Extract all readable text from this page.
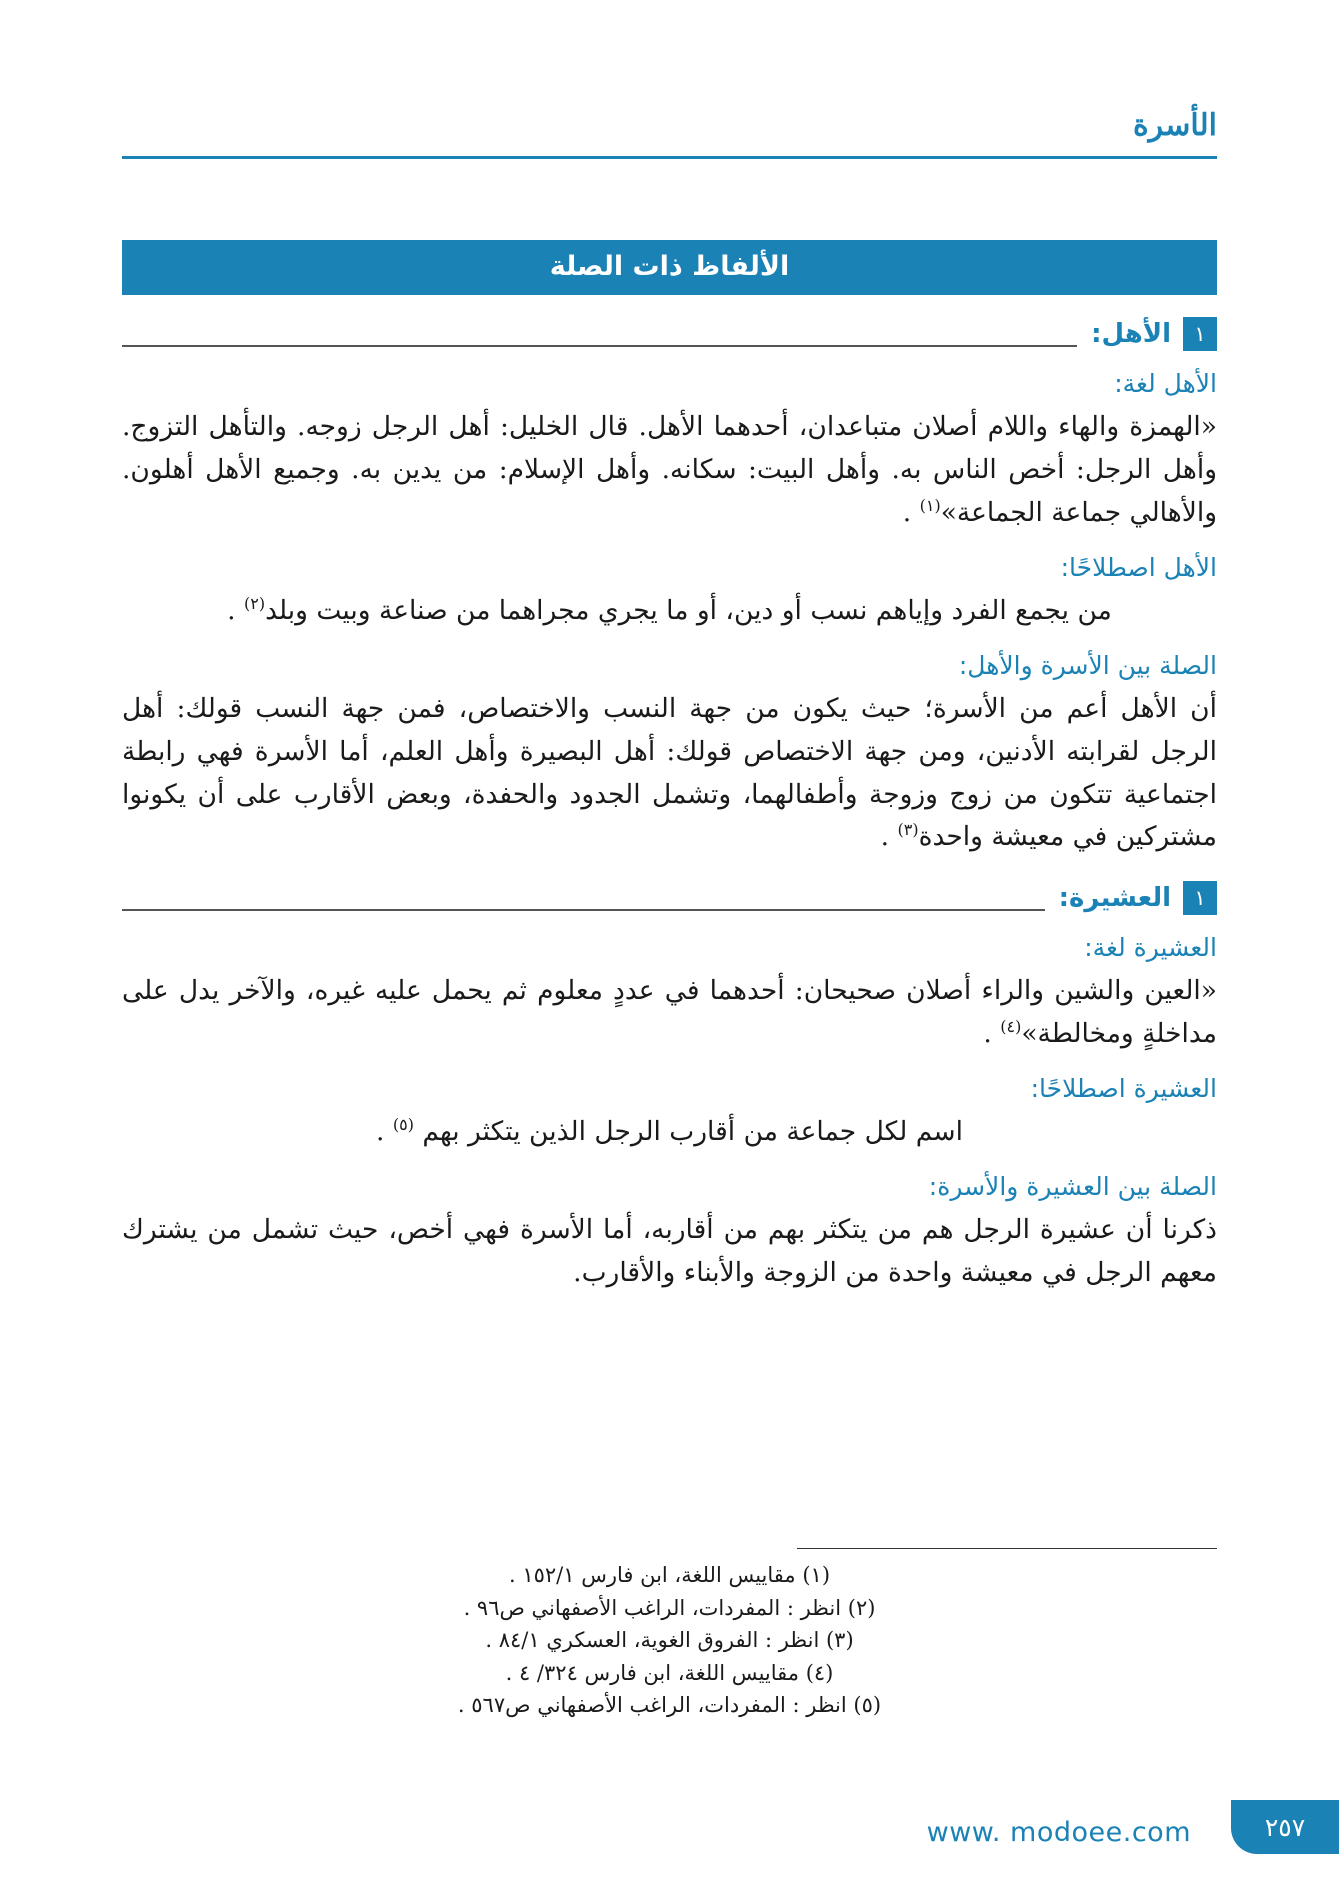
الأسرة
الألفاظ ذات الصلة
١
الأهل:
الأهل لغة:

«الهمزة والهاء واللام أصلان متباعدان، أحدهما الأهل. قال الخليل: أهل الرجل زوجه. والتأهل التزوج. وأهل الرجل: أخص الناس به. وأهل البيت: سكانه. وأهل الإسلام: من يدين به. وجميع الأهل أهلون. والأهالي جماعة الجماعة»$^{(١)}$ .

الأهل اصطلاحًا:

من يجمع الفرد وإياهم نسب أو دين، أو ما يجري مجراهما من صناعة وبيت وبلد$^{(٢)}$ .

الصلة بين الأسرة والأهل:

أن الأهل أعم من الأسرة؛ حيث يكون من جهة النسب والاختصاص، فمن جهة النسب قولك: أهل الرجل لقرابته الأدنين، ومن جهة الاختصاص قولك: أهل البصيرة وأهل العلم، أما الأسرة فهي رابطة اجتماعية تتكون من زوج وزوجة وأطفالهما، وتشمل الجدود والحفدة، وبعض الأقارب على أن يكونوا مشتركين في معيشة واحدة$^{(٣)}$ .

١
العشيرة:
العشيرة لغة:

«العين والشين والراء أصلان صحيحان: أحدهما في عددٍ معلوم ثم يحمل عليه غيره، والآخر يدل على مداخلةٍ ومخالطة»$^{(٤)}$ .

العشيرة اصطلاحًا:

اسم لكل جماعة من أقارب الرجل الذين يتكثر بهم $^{(٥)}$ .

الصلة بين العشيرة والأسرة:

ذكرنا أن عشيرة الرجل هم من يتكثر بهم من أقاربه، أما الأسرة فهي أخص، حيث تشمل من يشترك معهم الرجل في معيشة واحدة من الزوجة والأبناء والأقارب.

(١) مقاييس اللغة، ابن فارس ١٥٢/١ .
(٢) انظر : المفردات، الراغب الأصفهاني ص٩٦ .
(٣) انظر : الفروق الغوية، العسكري ٨٤/١ .
(٤) مقاييس اللغة، ابن فارس ٣٢٤/ ٤ .
(٥) انظر : المفردات، الراغب الأصفهاني ص٥٦٧ .
٢٥٧
www. modoee.com
